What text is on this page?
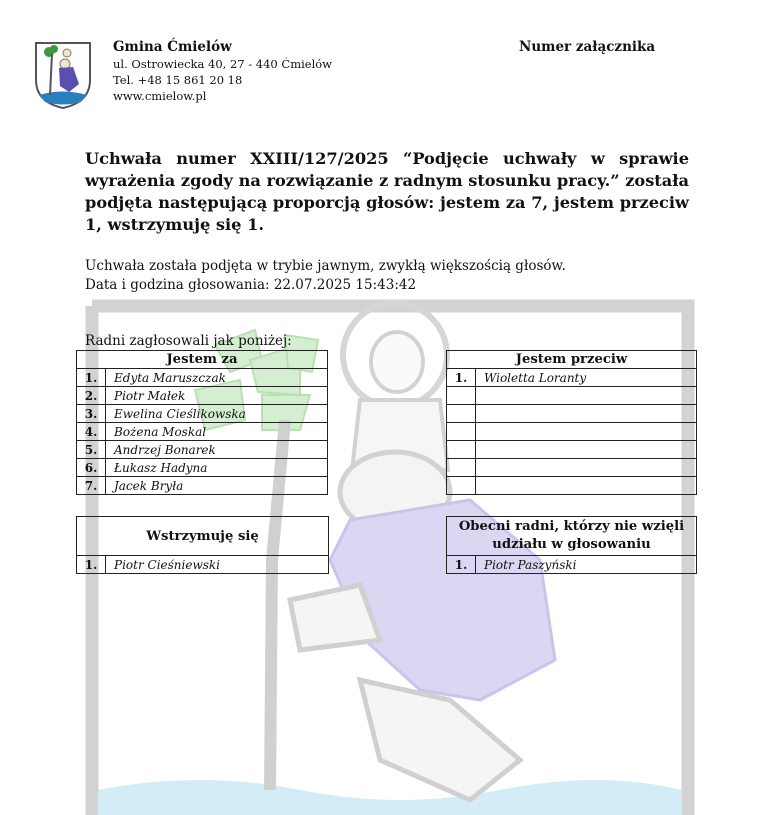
Gmina Ćmielów
ul. Ostrowiecka 40, 27 - 440 Ćmielów
Tel. +48 15 861 20 18
www.cmielow.pl
Numer załącznika
Uchwała numer XXIII/127/2025 “Podjęcie uchwały w sprawie wyrażenia zgody na rozwiązanie z radnym stosunku pracy.” została podjęta następującą proporcją głosów: jestem za 7, jestem przeciw 1, wstrzymuję się 1.
Uchwała została podjęta w trybie jawnym, zwykłą większością głosów.
Data i godzina głosowania: 22.07.2025 15:43:42
Radni zagłosowali jak poniżej:
Jestem za	
1.	Edyta Maruszczak
2.	Piotr Małek
3.	Ewelina Cieślikowska
4.	Bożena Moskal
5.	Andrzej Bonarek
6.	Łukasz Hadyna
7.	Jacek Bryła
Jestem przeciw	
1.	Wioletta Loranty

Wstrzymuję się
1.	Piotr Cieśniewski
Obecni radni, którzy nie wzięli udziału w głosowaniu
1.	Piotr Paszyński
